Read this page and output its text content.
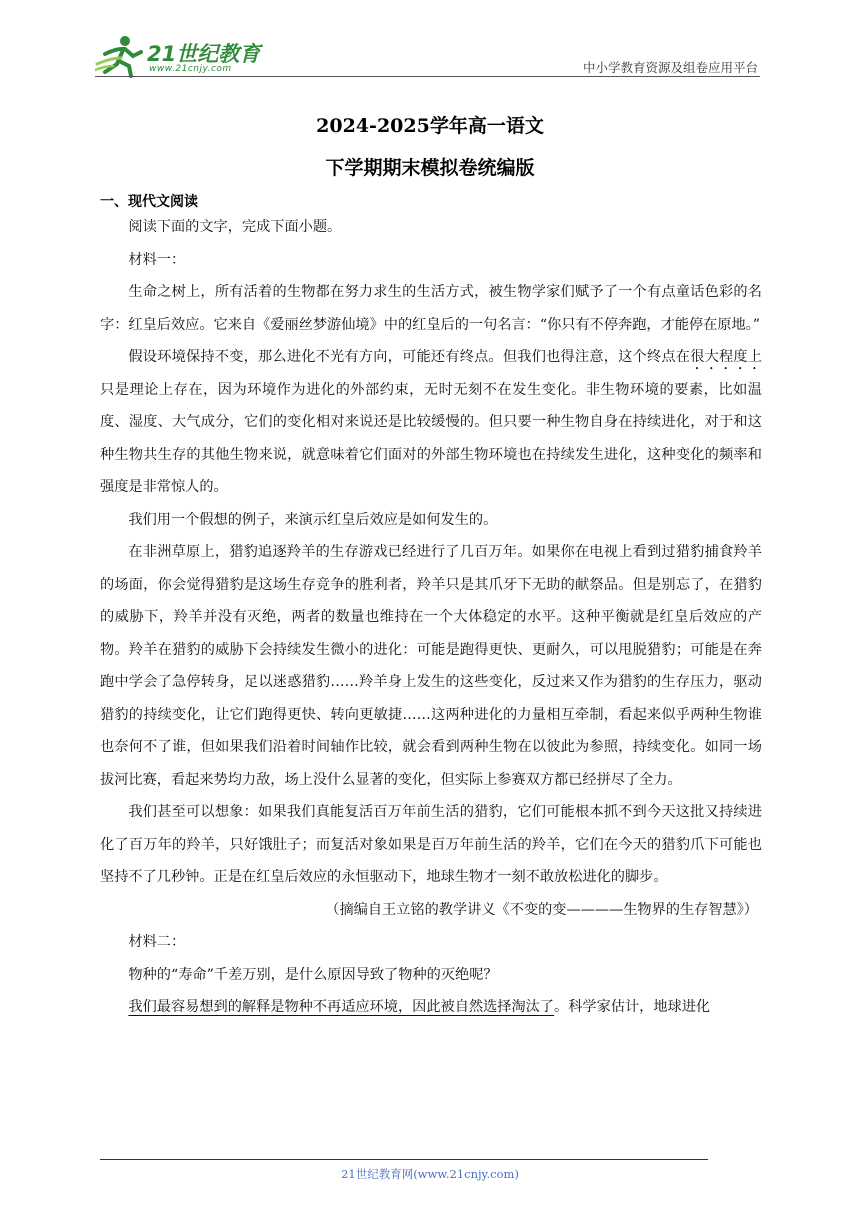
21世纪教育
www.21cnjy.com	中小学教育资源及组卷应用平台
2024-2025学年高一语文
下学期期末模拟卷统编版
一、现代文阅读

阅读下面的文字，完成下面小题。

材料一：

生命之树上，所有活着的生物都在努力求生的生活方式，被生物学家们赋予了一个有点童话色彩的名字：红皇后效应。它来自《爱丽丝梦游仙境》中的红皇后的一句名言：“你只有不停奔跑，才能停在原地。”

假设环境保持不变，那么进化不光有方向，可能还有终点。但我们也得注意，这个终点在很大程度上只是理论上存在，因为环境作为进化的外部约束，无时无刻不在发生变化。非生物环境的要素，比如温度、湿度、大气成分，它们的变化相对来说还是比较缓慢的。但只要一种生物自身在持续进化，对于和这种生物共生存的其他生物来说，就意味着它们面对的外部生物环境也在持续发生进化，这种变化的频率和强度是非常惊人的。

我们用一个假想的例子，来演示红皇后效应是如何发生的。

在非洲草原上，猎豹追逐羚羊的生存游戏已经进行了几百万年。如果你在电视上看到过猎豹捕食羚羊的场面，你会觉得猎豹是这场生存竞争的胜利者，羚羊只是其爪牙下无助的献祭品。但是别忘了，在猎豹的威胁下，羚羊并没有灭绝，两者的数量也维持在一个大体稳定的水平。这种平衡就是红皇后效应的产物。羚羊在猎豹的威胁下会持续发生微小的进化：可能是跑得更快、更耐久，可以甩脱猎豹；可能是在奔跑中学会了急停转身，足以迷惑猎豹……羚羊身上发生的这些变化，反过来又作为猎豹的生存压力，驱动猎豹的持续变化，让它们跑得更快、转向更敏捷……这两种进化的力量相互牵制，看起来似乎两种生物谁也奈何不了谁，但如果我们沿着时间轴作比较，就会看到两种生物在以彼此为参照，持续变化。如同一场拔河比赛，看起来势均力敌，场上没什么显著的变化，但实际上参赛双方都已经拼尽了全力。

我们甚至可以想象：如果我们真能复活百万年前生活的猎豹，它们可能根本抓不到今天这批又持续进化了百万年的羚羊，只好饿肚子；而复活对象如果是百万年前生活的羚羊，它们在今天的猎豹爪下可能也坚持不了几秒钟。正是在红皇后效应的永恒驱动下，地球生物才一刻不敢放松进化的脚步。

（摘编自王立铭的教学讲义《不变的变————生物界的生存智慧》）

材料二：

物种的“寿命”千差万别，是什么原因导致了物种的灭绝呢？

我们最容易想到的解释是物种不再适应环境，因此被自然选择淘汰了。科学家估计，地球进化

21世纪教育网(www.21cnjy.com)
